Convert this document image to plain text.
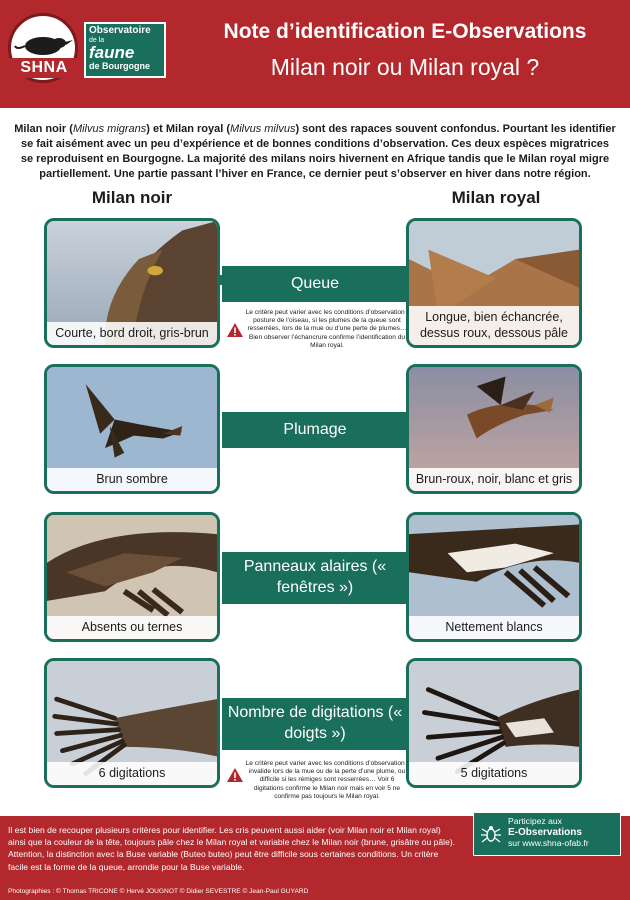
SHNA
Observatoire
de la
faune
de Bourgogne
Note d’identification E-Observations
Milan noir ou Milan royal ?
Milan noir (Milvus migrans) et Milan royal (Milvus milvus) sont des rapaces souvent confondus. Pourtant les identifier se fait aisément avec un peu d’expérience et de bonnes conditions d’observation. Ces deux espèces migratrices se reproduisent en Bourgogne. La majorité des milans noirs hivernent en Afrique tandis que le Milan royal migre partiellement. Une partie passant l’hiver en France, ce dernier peut s’observer en hiver dans notre région.
Milan noir	Milan royal
Courte, bord droit, gris-brun
Queue
Longue, bien échancrée, dessus roux, dessous pâle
Le critère peut varier avec les conditions d’observation : posture de l’oiseau, si les plumes de la queue sont resserrées, lors de la mue ou d’une perte de plumes… Bien observer l’échancrure confirme l’identification du Milan royal.
Brun sombre
Plumage
Brun-roux, noir, blanc et gris
Absents ou ternes
Panneaux alaires (« fenêtres »)
Nettement blancs
6 digitations
Nombre de digitations (« doigts »)
5 digitations
Le critère peut varier avec les conditions d’observation : invalide lors de la mue ou de la perte d’une plume, ou difficile si les rémiges sont resserrées… Voir 6 digitations confirme le Milan noir mais en voir 5 ne confirme pas toujours le Milan royal.
Il est bien de recouper plusieurs critères pour identifier. Les cris peuvent aussi aider (voir Milan noir et Milan royal) ainsi que la couleur de la tête, toujours pâle chez le Milan royal et variable chez le Milan noir (brune, grisâtre ou pâle). Attention, la distinction avec la Buse variable (Buteo buteo) peut être difficile sous certaines conditions. Un critère facile est la forme de la queue, arrondie pour la Buse variable.
Photographies : © Thomas TRICONE © Hervé JOUGNOT © Didier SEVESTRE © Jean-Paul GUYARD
Participez aux
E-Observations
sur www.shna-ofab.fr
